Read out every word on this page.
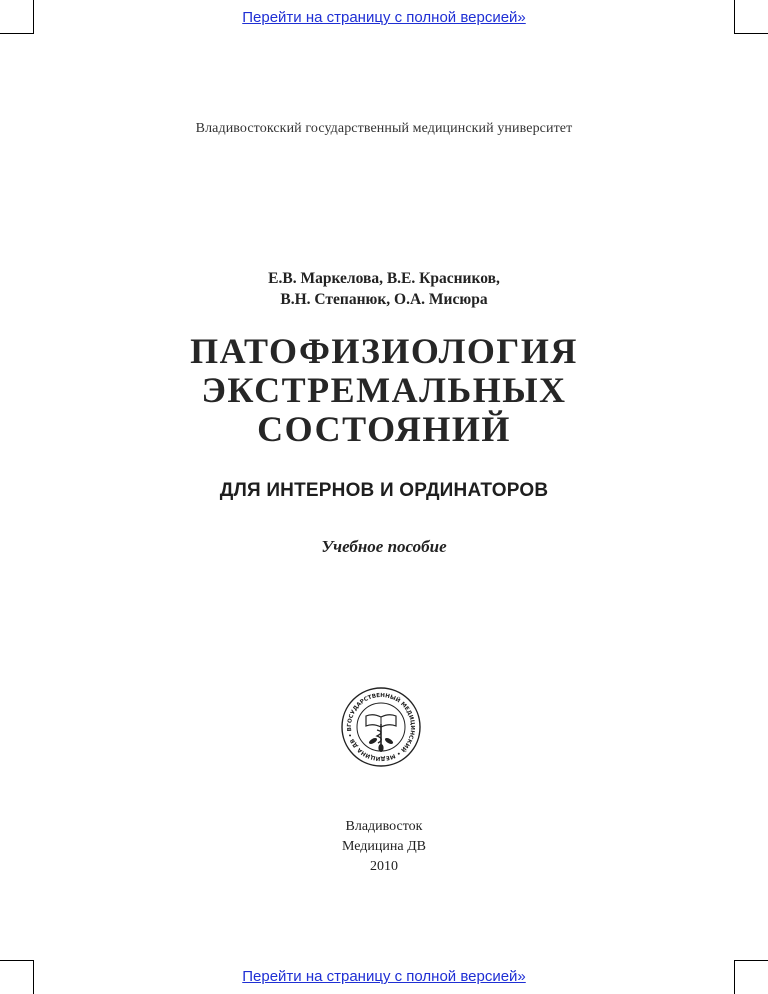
Перейти на страницу с полной версией»
Владивостокский государственный медицинский университет
Е.В. Маркелова, В.Е. Красников,
В.Н. Степанюк, О.А. Мисюра
ПАТОФИЗИОЛОГИЯ
ЭКСТРЕМАЛЬНЫХ
СОСТОЯНИЙ
ДЛЯ ИНТЕРНОВ И ОРДИНАТОРОВ
Учебное пособие
ГОСУДАРСТВЕННЫЙ МЕДИЦИНСКИЙ • МЕДИЦИНА ДВ • В
Владивосток
Медицина ДВ
2010
Перейти на страницу с полной версией»
